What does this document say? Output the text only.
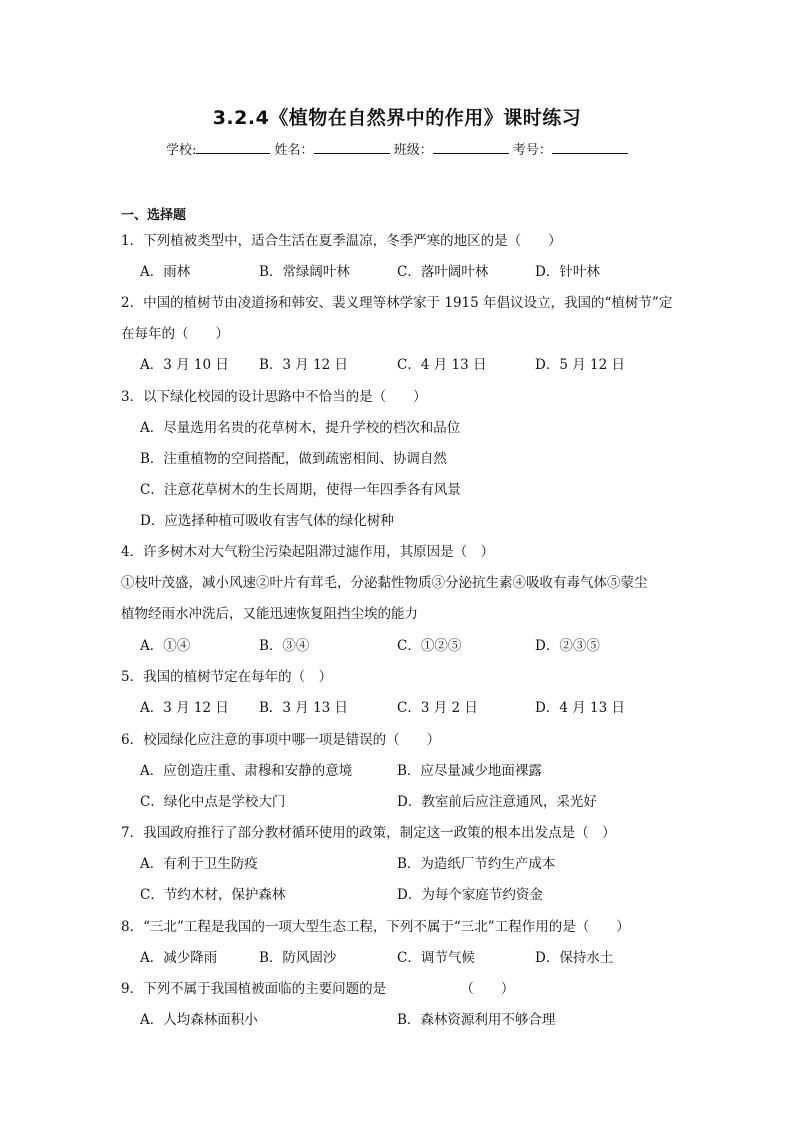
3.2.4《植物在自然界中的作用》课时练习
学校:	姓名：	班级：	考号：
一、选择题
1．下列植被类型中，适合生活在夏季温凉，冬季严寒的地区的是（　　）
A．雨林	B．常绿阔叶林	C．落叶阔叶林	D．针叶林
2．中国的植树节由凌道扬和韩安、裴义理等林学家于 1915 年倡议设立，我国的“植树节”定
在每年的（　　）
A．3 月 10 日 B．3 月 12 日	C．4 月 13 日	D．5 月 12 日
3．以下绿化校园的设计思路中不恰当的是（　　）
A．尽量选用名贵的花草树木，提升学校的档次和品位
B．注重植物的空间搭配，做到疏密相间、协调自然
C．注意花草树木的生长周期，使得一年四季各有风景
D．应选择种植可吸收有害气体的绿化树种
4．许多树木对大气粉尘污染起阻滞过滤作用，其原因是（　）
①枝叶茂盛，减小风速②叶片有茸毛，分泌黏性物质③分泌抗生素④吸收有毒气体⑤蒙尘
植物经雨水冲洗后，又能迅速恢复阻挡尘埃的能力
A．①④	B．③④	C．①②⑤	D．②③⑤
5．我国的植树节定在每年的（　）
A．3 月 12 日 B．3 月 13 日	C．3 月 2 日	D．4 月 13 日
6．校园绿化应注意的事项中哪一项是错误的（　　）
A．应创造庄重、肃穆和安静的意境	B．应尽量减少地面裸露
C．绿化中点是学校大门	D．教室前后应注意通风，采光好
7．我国政府推行了部分教材循环使用的政策，制定这一政策的根本出发点是（　）
A．有利于卫生防疫	B．为造纸厂节约生产成本
C．节约木材，保护森林	D．为每个家庭节约资金
8．“三北”工程是我国的一项大型生态工程，下列不属于“三北”工程作用的是（　　）
A．减少降雨	B．防风固沙	C．调节气候	D．保持水土
9．下列不属于我国植被面临的主要问题的是　　　　　　（　　）
A．人均森林面积小	B．森林资源利用不够合理
